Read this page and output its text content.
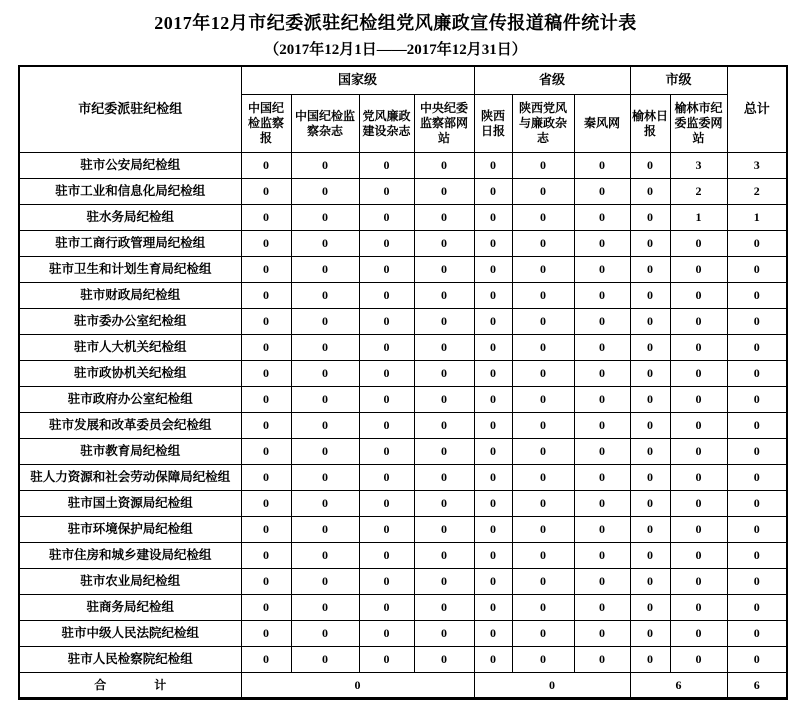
2017年12月市纪委派驻纪检组党风廉政宣传报道稿件统计表
（2017年12月1日——2017年12月31日）
市纪委派驻纪检组	国家级				省级			市级		总计
	中国纪检监察报	中国纪检监察杂志	党风廉政建设杂志	中央纪委监察部网站	陕西日报	陕西党风与廉政杂志	秦风网	榆林日报	榆林市纪委监委网站	
驻市公安局纪检组	0	0	0	0	0	0	0	0	3	3
驻市工业和信息化局纪检组	0	0	0	0	0	0	0	0	2	2
驻水务局纪检组	0	0	0	0	0	0	0	0	1	1
驻市工商行政管理局纪检组	0	0	0	0	0	0	0	0	0	0
驻市卫生和计划生育局纪检组	0	0	0	0	0	0	0	0	0	0
驻市财政局纪检组	0	0	0	0	0	0	0	0	0	0
驻市委办公室纪检组	0	0	0	0	0	0	0	0	0	0
驻市人大机关纪检组	0	0	0	0	0	0	0	0	0	0
驻市政协机关纪检组	0	0	0	0	0	0	0	0	0	0
驻市政府办公室纪检组	0	0	0	0	0	0	0	0	0	0
驻市发展和改革委员会纪检组	0	0	0	0	0	0	0	0	0	0
驻市教育局纪检组	0	0	0	0	0	0	0	0	0	0
驻人力资源和社会劳动保障局纪检组	0	0	0	0	0	0	0	0	0	0
驻市国土资源局纪检组	0	0	0	0	0	0	0	0	0	0
驻市环境保护局纪检组	0	0	0	0	0	0	0	0	0	0
驻市住房和城乡建设局纪检组	0	0	0	0	0	0	0	0	0	0
驻市农业局纪检组	0	0	0	0	0	0	0	0	0	0
驻商务局纪检组	0	0	0	0	0	0	0	0	0	0
驻市中级人民法院纪检组	0	0	0	0	0	0	0	0	0	0
驻市人民检察院纪检组	0	0	0	0	0	0	0	0	0	0
合　　　　计	0				0			6		6
